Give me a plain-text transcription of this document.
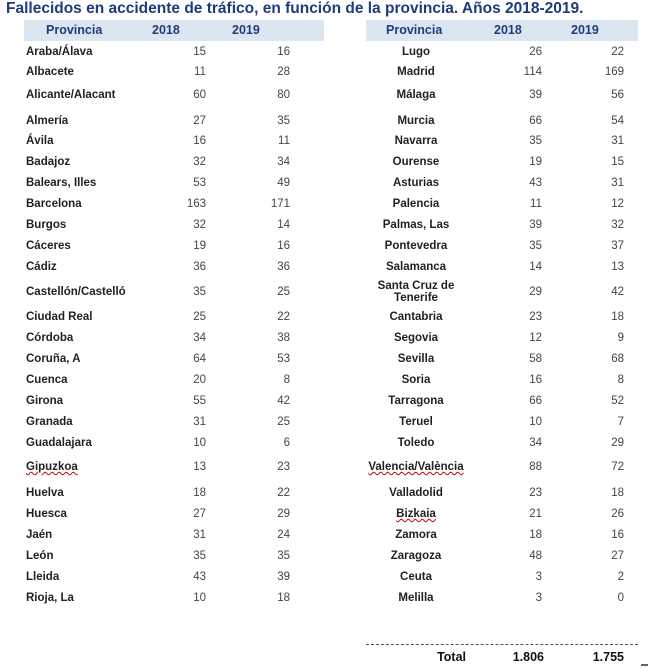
Fallecidos en accidente de tráfico, en función de la provincia. Años 2018-2019.
Provincia	2018	2019
Araba/Álava	15	16
Albacete	11	28
Alicante/Alacant	60	80
Almería	27	35
Ávila	16	11
Badajoz	32	34
Balears, Illes	53	49
Barcelona	163	171
Burgos	32	14
Cáceres	19	16
Cádiz	36	36
Castellón/Castelló	35	25
Ciudad Real	25	22
Córdoba	34	38
Coruña, A	64	53
Cuenca	20	8
Girona	55	42
Granada	31	25
Guadalajara	10	6
Gipuzkoa	13	23
Huelva	18	22
Huesca	27	29
Jaén	31	24
León	35	35
Lleida	43	39
Rioja, La	10	18
Provincia	2018	2019
Lugo	26	22
Madrid	114	169
Málaga	39	56
Murcia	66	54
Navarra	35	31
Ourense	19	15
Asturias	43	31
Palencia	11	12
Palmas, Las	39	32
Pontevedra	35	37
Salamanca	14	13
Santa Cruz de Tenerife	29	42
Cantabria	23	18
Segovia	12	9
Sevilla	58	68
Soria	16	8
Tarragona	66	52
Teruel	10	7
Toledo	34	29
Valencia/València	88	72
Valladolid	23	18
Bizkaia	21	26
Zamora	18	16
Zaragoza	48	27
Ceuta	3	2
Melilla	3	0
Total	1.806	1.755
